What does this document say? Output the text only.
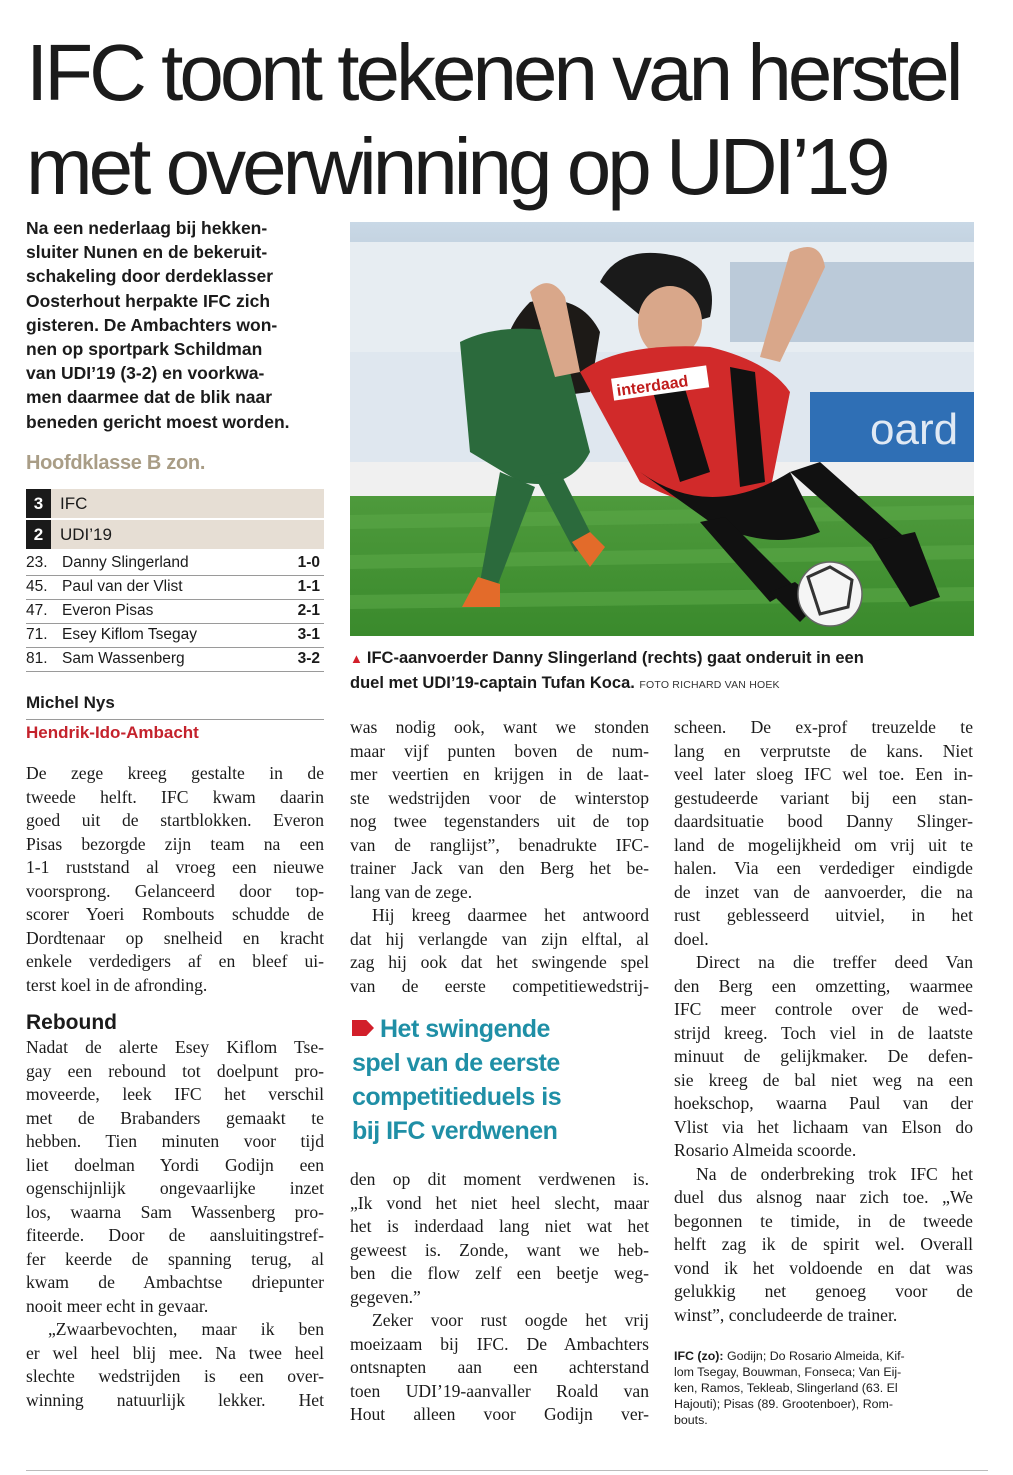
IFC toont tekenen van herstel
met overwinning op UDI’19
Na een nederlaag bij hekken-
sluiter Nunen en de bekeruit-
schakeling door derdeklasser
Oosterhout herpakte IFC zich
gisteren. De Ambachters won-
nen op sportpark Schildman
van UDI’19 (3-2) en voorkwa-
men daarmee dat de blik naar
beneden gericht moest worden.	oard
interdaad
▲ IFC-aanvoerder Danny Slingerland (rechts) gaat onderuit in een
duel met UDI’19-captain Tufan Koca. FOTO RICHARD VAN HOEK
Hoofdklasse B zon.
3 IFC
2 UDI’19
23. Danny Slingerland	1-0
45. Paul van der Vlist	1-1
47. Everon Pisas	2-1
71. Esey Kiflom Tsegay	3-1
81. Sam Wassenberg	3-2
Michel Nys
Hendrik-Ido-Ambacht
De zege kreeg gestalte in de
tweede helft. IFC kwam daarin
goed uit de startblokken. Everon
Pisas bezorgde zijn team na een
1-1 ruststand al vroeg een nieuwe
voorsprong. Gelanceerd door top-
scorer Yoeri Rombouts schudde de
Dordtenaar op snelheid en kracht
enkele verdedigers af en bleef ui-
terst koel in de afronding.
Rebound
Nadat de alerte Esey Kiflom Tse-
gay een rebound tot doelpunt pro-
moveerde, leek IFC het verschil
met de Brabanders gemaakt te
hebben. Tien minuten voor tijd
liet doelman Yordi Godijn een
ogenschijnlijk ongevaarlijke inzet
los, waarna Sam Wassenberg pro-
fiteerde. Door de aansluitingstref-
fer keerde de spanning terug, al
kwam de Ambachtse driepunter
nooit meer echt in gevaar.
„Zwaarbevochten, maar ik ben
er wel heel blij mee. Na twee heel
slechte wedstrijden is een over-
winning natuurlijk lekker. Het
was nodig ook, want we stonden
maar vijf punten boven de num-
mer veertien en krijgen in de laat-
ste wedstrijden voor de winterstop
nog twee tegenstanders uit de top
van de ranglijst”, benadrukte IFC-
trainer Jack van den Berg het be-
lang van de zege.
Hij kreeg daarmee het antwoord
dat hij verlangde van zijn elftal, al
zag hij ook dat het swingende spel
van de eerste competitiewedstrij-
Het swingende
spel van de eerste
competitieduels is
bij IFC verdwenen
den op dit moment verdwenen is.
„Ik vond het niet heel slecht, maar
het is inderdaad lang niet wat het
geweest is. Zonde, want we heb-
ben die flow zelf een beetje weg-
gegeven.”
Zeker voor rust oogde het vrij
moeizaam bij IFC. De Ambachters
ontsnapten aan een achterstand
toen UDI’19-aanvaller Roald van
Hout alleen voor Godijn ver-
scheen. De ex-prof treuzelde te
lang en verprutste de kans. Niet
veel later sloeg IFC wel toe. Een in-
gestudeerde variant bij een stan-
daardsituatie bood Danny Slinger-
land de mogelijkheid om vrij uit te
halen. Via een verdediger eindigde
de inzet van de aanvoerder, die na
rust geblesseerd uitviel, in het
doel.
Direct na die treffer deed Van
den Berg een omzetting, waarmee
IFC meer controle over de wed-
strijd kreeg. Toch viel in de laatste
minuut de gelijkmaker. De defen-
sie kreeg de bal niet weg na een
hoekschop, waarna Paul van der
Vlist via het lichaam van Elson do
Rosario Almeida scoorde.
Na de onderbreking trok IFC het
duel dus alsnog naar zich toe. „We
begonnen te timide, in de tweede
helft zag ik de spirit wel. Overall
vond ik het voldoende en dat was
gelukkig net genoeg voor de
winst”, concludeerde de trainer.
IFC (zo): Godijn; Do Rosario Almeida, Kif-
lom Tsegay, Bouwman, Fonseca; Van Eij-
ken, Ramos, Tekleab, Slingerland (63. El
Hajouti); Pisas (89. Grootenboer), Rom-
bouts.
